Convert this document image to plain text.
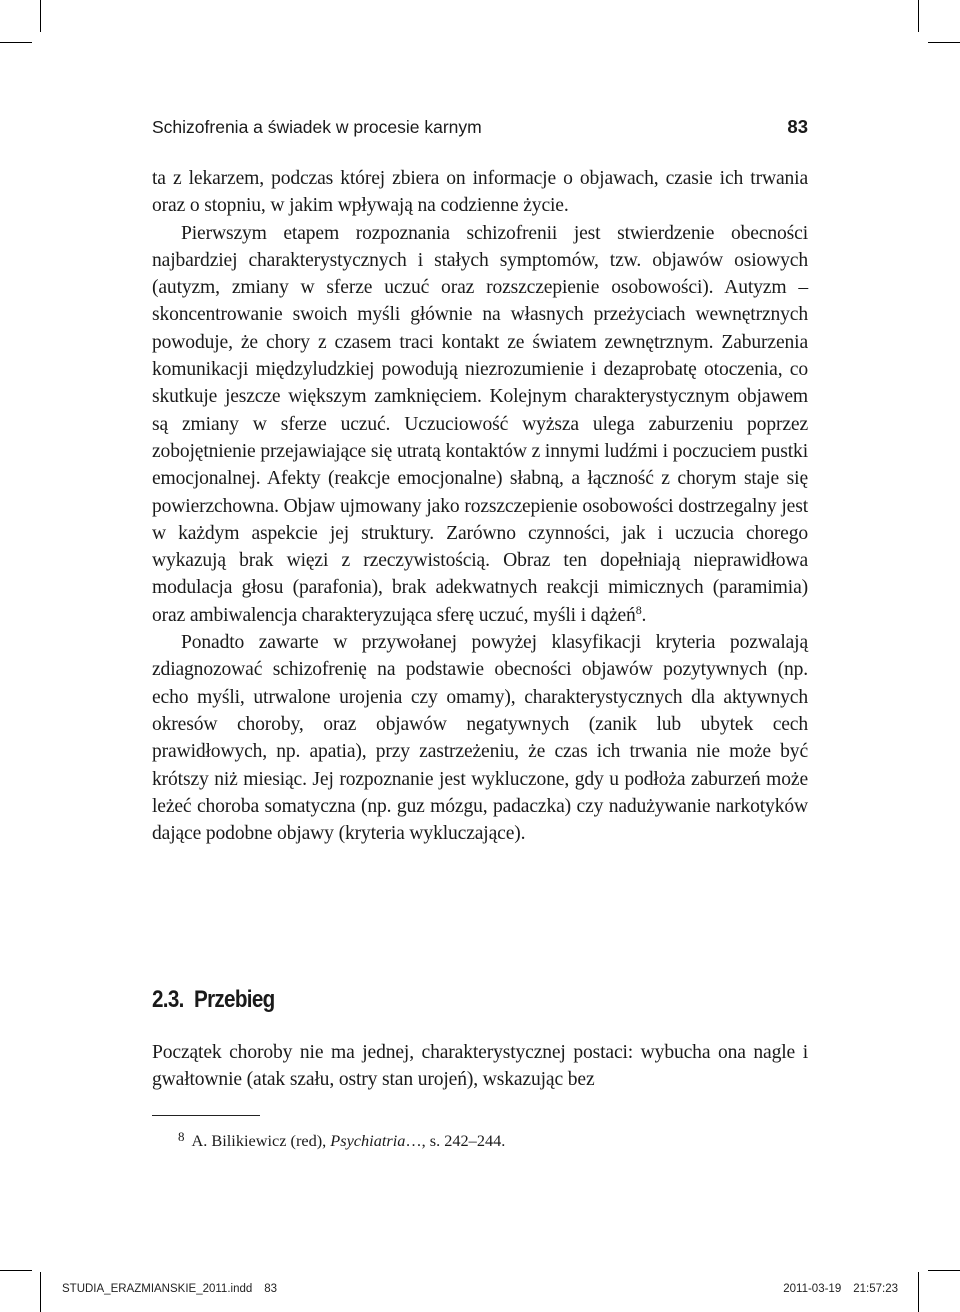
Schizofrenia a świadek w procesie karnym	83

ta z lekarzem, podczas której zbiera on informacje o objawach, czasie ich trwania oraz o stopniu, w jakim wpływają na codzienne życie.

Pierwszym etapem rozpoznania schizofrenii jest stwierdzenie obecności najbardziej charakterystycznych i stałych symptomów, tzw. objawów osiowych (autyzm, zmiany w sferze uczuć oraz rozszczepienie osobowości). Autyzm – skoncentrowanie swoich myśli głównie na własnych przeżyciach wewnętrznych powoduje, że chory z czasem traci kontakt ze światem zewnętrznym. Zaburzenia komunikacji międzyludzkiej powodują niezrozumienie i dezaprobatę otoczenia, co skutkuje jeszcze większym zamknięciem. Kolejnym charakterystycznym objawem są zmiany w sferze uczuć. Uczuciowość wyższa ulega zaburzeniu poprzez zobojętnienie przejawiające się utratą kontaktów z innymi ludźmi i poczuciem pustki emocjonalnej. Afekty (reakcje emocjonalne) słabną, a łączność z chorym staje się powierzchowna. Objaw ujmowany jako rozszczepienie osobowości dostrzegalny jest w każdym aspekcie jej struktury. Zarówno czynności, jak i uczucia chorego wykazują brak więzi z rzeczywistością. Obraz ten dopełniają nieprawidłowa modulacja głosu (parafonia), brak adekwatnych reakcji mimicznych (paramimia) oraz ambiwalencja charakteryzująca sferę uczuć, myśli i dążeń$^8$.

Ponadto zawarte w przywołanej powyżej klasyfikacji kryteria pozwalają zdiagnozować schizofrenię na podstawie obecności objawów pozytywnych (np. echo myśli, utrwalone urojenia czy omamy), charakterystycznych dla aktywnych okresów choroby, oraz objawów negatywnych (zanik lub ubytek cech prawidłowych, np. apatia), przy zastrzeżeniu, że czas ich trwania nie może być krótszy niż miesiąc. Jej rozpoznanie jest wykluczone, gdy u podłoża zaburzeń może leżeć choroba somatyczna (np. guz mózgu, padaczka) czy nadużywanie narkotyków dające podobne objawy (kryteria wykluczające).

2.3. Przebieg

Początek choroby nie ma jednej, charakterystycznej postaci: wybucha ona nagle i gwałtownie (atak szału, ostry stan urojeń), wskazując bez

$^8$ A. Bilikiewicz (red), Psychiatria…, s. 242–244.
STUDIA_ERAZMIANSKIE_2011.indd 83	2011-03-19 21:57:23
